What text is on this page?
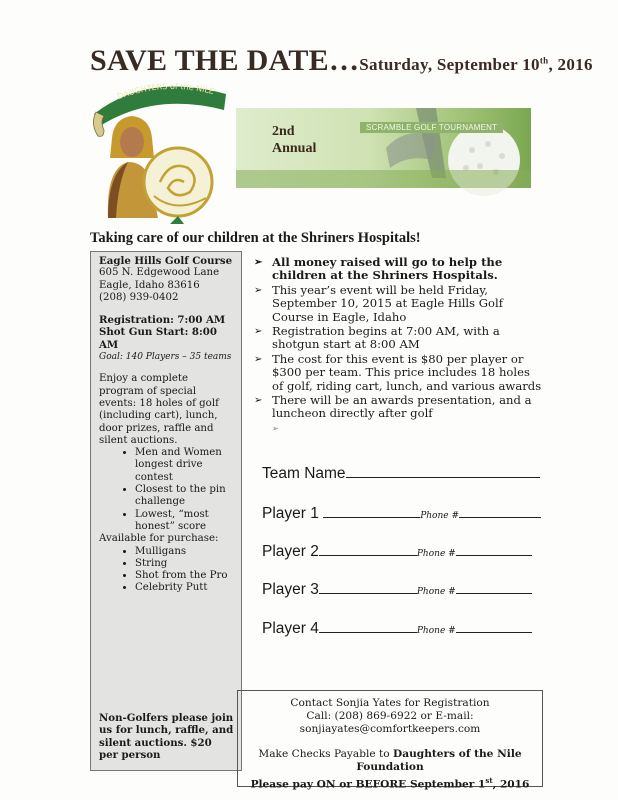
SAVE THE DATE…Saturday, September 10th, 2016
DAUGHTERS of the NILE
2nd
Annual
SCRAMBLE GOLF TOURNAMENT
Taking care of our children at the Shriners Hospitals!
Eagle Hills Golf Course
605 N. Edgewood Lane
Eagle, Idaho 83616
(208) 939-0402
Registration: 7:00 AM
Shot Gun Start: 8:00 AM
Goal: 140 Players – 35 teams
Enjoy a complete program of special events: 18 holes of golf (including cart), lunch, door prizes, raffle and silent auctions.
• Men and Women longest drive contest
• Closest to the pin challenge
• Lowest, “most honest” score
Available for purchase:
• Mulligans
• String
• Shot from the Pro
• Celebrity Putt
Non-Golfers please join us for lunch, raffle, and silent auctions. $20 per person
➢ All money raised will go to help the children at the Shriners Hospitals.
➢ This year’s event will be held Friday, September 10, 2015 at Eagle Hills Golf Course in Eagle, Idaho
➢ Registration begins at 7:00 AM, with a shotgun start at 8:00 AM
➢ The cost for this event is $80 per player or $300 per team. This price includes 18 holes of golf, riding cart, lunch, and various awards
➢ There will be an awards presentation, and a luncheon directly after golf
➢
Team Name
Player 1	Phone #
Player 2	Phone #
Player 3	Phone #
Player 4	Phone #
Contact Sonjia Yates for Registration
Call: (208) 869-6922 or E-mail:
sonjiayates@comfortkeepers.com
Make Checks Payable to Daughters of the Nile Foundation
Please pay ON or BEFORE September 1st, 2016
